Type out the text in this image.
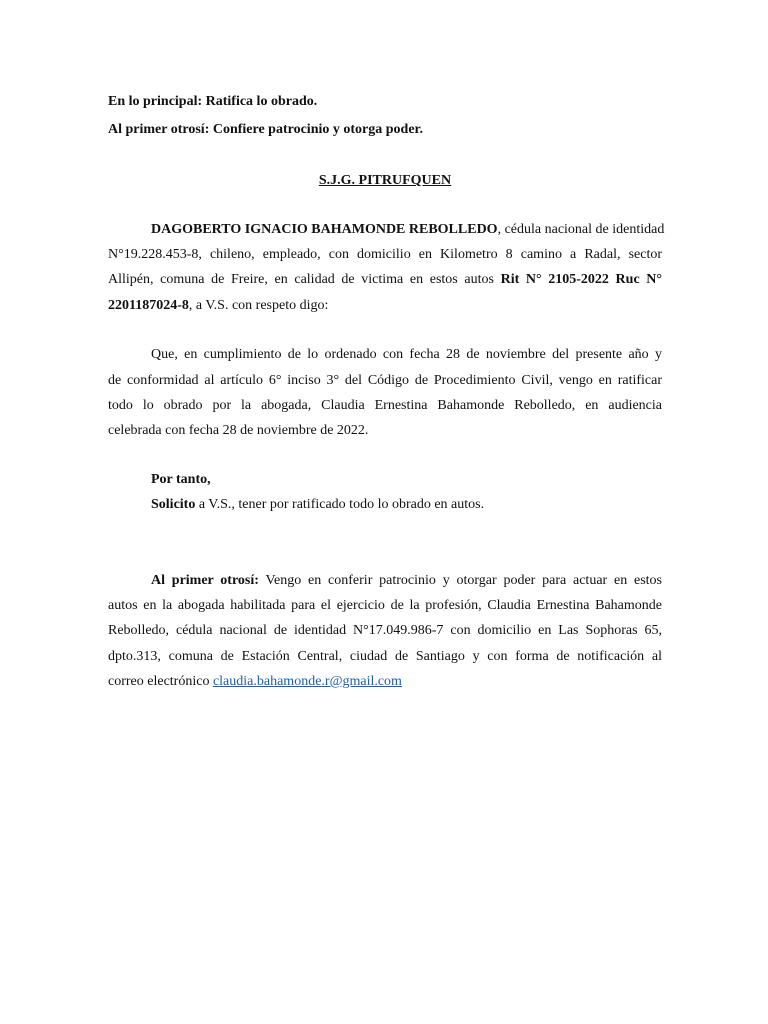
En lo principal: Ratifica lo obrado.
Al primer otrosí: Confiere patrocinio y otorga poder.
S.J.G. PITRUFQUEN
DAGOBERTO IGNACIO BAHAMONDE REBOLLEDO, cédula nacional de identidad
N°19.228.453-8, chileno, empleado, con domicilio en Kilometro 8 camino a Radal, sector
Allipén, comuna de Freire, en calidad de victima en estos autos Rit N° 2105-2022 Ruc N°
2201187024-8, a V.S. con respeto digo:
Que, en cumplimiento de lo ordenado con fecha 28 de noviembre del presente año y
de conformidad al artículo 6° inciso 3° del Código de Procedimiento Civil, vengo en ratificar
todo lo obrado por la abogada, Claudia Ernestina Bahamonde Rebolledo, en audiencia
celebrada con fecha 28 de noviembre de 2022.
Por tanto,
Solicito a V.S., tener por ratificado todo lo obrado en autos.
Al primer otrosí: Vengo en conferir patrocinio y otorgar poder para actuar en estos
autos en la abogada habilitada para el ejercicio de la profesión, Claudia Ernestina Bahamonde
Rebolledo, cédula nacional de identidad N°17.049.986-7 con domicilio en Las Sophoras 65,
dpto.313, comuna de Estación Central, ciudad de Santiago y con forma de notificación al
correo electrónico claudia.bahamonde.r@gmail.com
